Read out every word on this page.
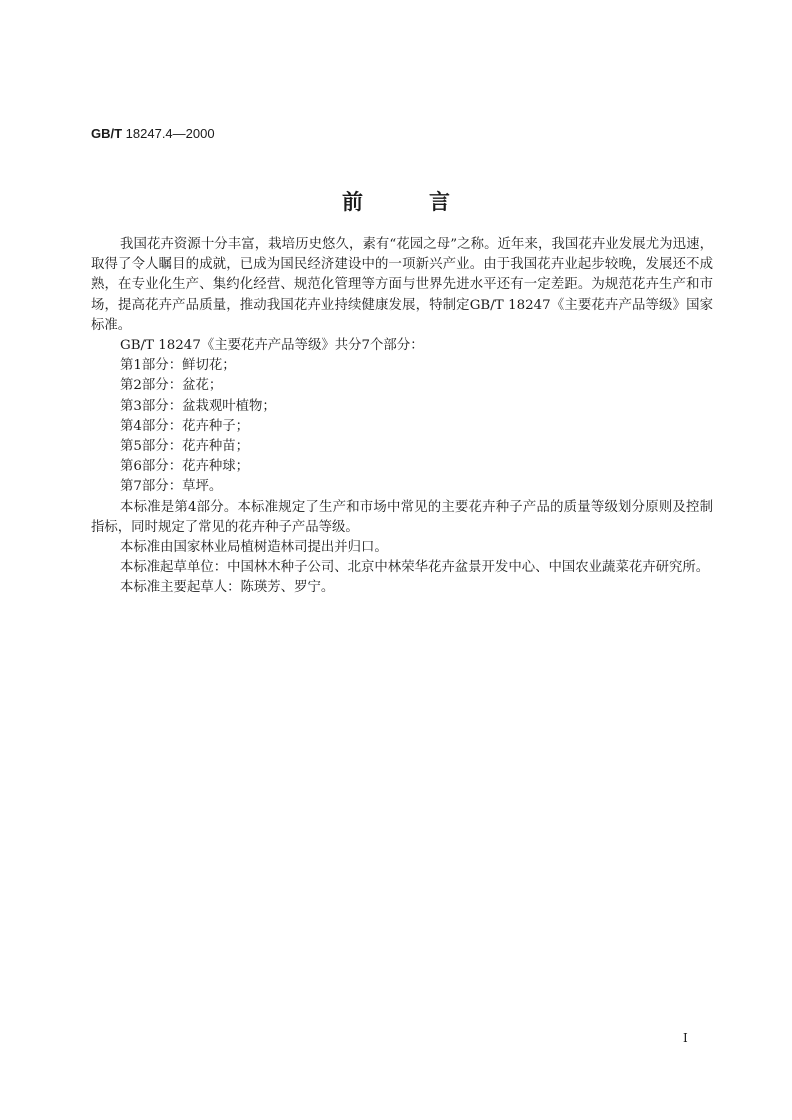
GB/T 18247.4—2000
前	言

我国花卉资源十分丰富，栽培历史悠久，素有“花园之母”之称。近年来，我国花卉业发展尤为迅速，取得了令人瞩目的成就，已成为国民经济建设中的一项新兴产业。由于我国花卉业起步较晚，发展还不成熟，在专业化生产、集约化经营、规范化管理等方面与世界先进水平还有一定差距。为规范花卉生产和市场，提高花卉产品质量，推动我国花卉业持续健康发展，特制定GB/T 18247《主要花卉产品等级》国家标准。

GB/T 18247《主要花卉产品等级》共分7个部分：

第1部分：鲜切花；

第2部分：盆花；

第3部分：盆栽观叶植物；

第4部分：花卉种子；

第5部分：花卉种苗；

第6部分：花卉种球；

第7部分：草坪。

本标准是第4部分。本标准规定了生产和市场中常见的主要花卉种子产品的质量等级划分原则及控制指标，同时规定了常见的花卉种子产品等级。

本标准由国家林业局植树造林司提出并归口。

本标准起草单位：中国林木种子公司、北京中林荣华花卉盆景开发中心、中国农业蔬菜花卉研究所。

本标准主要起草人：陈瑛芳、罗宁。

I
